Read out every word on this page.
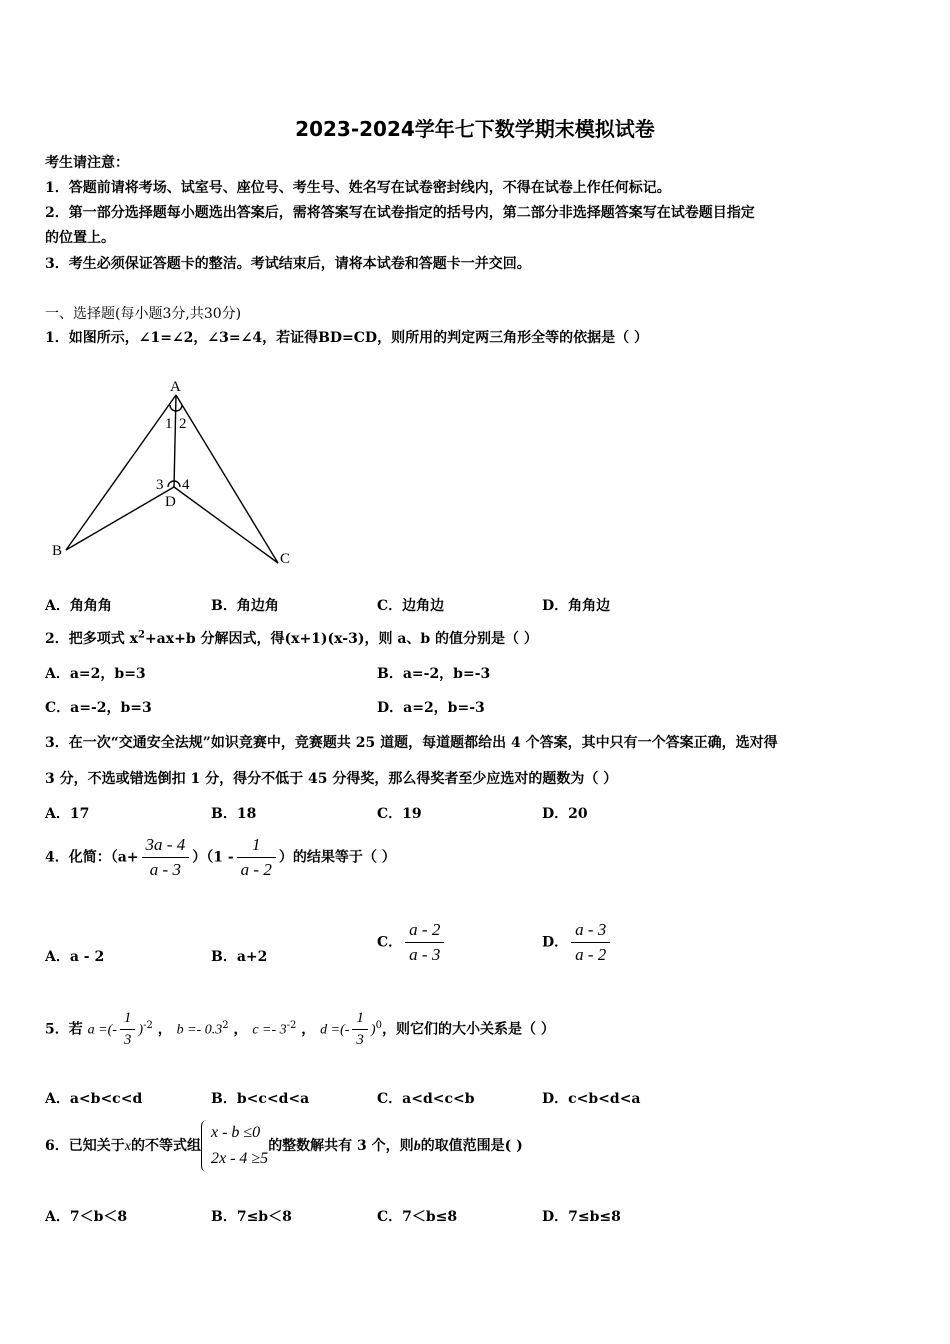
2023-2024学年七下数学期末模拟试卷
考生请注意：
1．答题前请将考场、试室号、座位号、考生号、姓名写在试卷密封线内，不得在试卷上作任何标记。
2．第一部分选择题每小题选出答案后，需将答案写在试卷指定的括号内，第二部分非选择题答案写在试卷题目指定
的位置上。
3．考生必须保证答题卡的整洁。考试结束后，请将本试卷和答题卡一并交回。
一、选择题(每小题3分,共30分)
1．如图所示，∠1=∠2，∠3=∠4，若证得BD=CD，则所用的判定两三角形全等的依据是（ ）
A
B	C
D
1 2
3 4
A．角角角	B．角边角	C．边角边	D．角角边
2．把多项式 $x^2+ax+b$ 分解因式，得(x+1)(x-3)，则 a、b 的值分别是（ ）
A．a=2，b=3	B．a=-2，b=-3
C．a=-2，b=3	D．a=2，b=-3
3．在一次“交通安全法规”如识竞赛中，竞赛题共 25 道题，每道题都给出 4 个答案，其中只有一个答案正确，选对得
3 分，不选或错选倒扣 1 分，得分不低于 45 分得奖，那么得奖者至少应选对的题数为（ ）
A．17	B．18	C．19	D．20
4．化简：$(a+ \frac{3a - 4}{a - 3} )(1 - \frac{1}{a - 2}$ ）的结果等于（ ）
A．a - 2	B．a+2
C． $\frac{a - 2}{a - 3}$	D． $\frac{a - 3}{a - 2}$
5．若 a =(- $\frac{1}{3} )^{-2}$ ， $b =- 0.3^2$ ， $c =- 3^{-2}$ ， d =(- $\frac{1}{3} )^0$，则它们的大小关系是（ ）
A．a<b<c<d	B．b<c<d<a	C．a<d<c<b	D．c<b<d<a
6．已知关于x的不等式组
x - b ≤0
2x - 4 ≥5
的整数解共有 3 个，则b的取值范围是( )
A．7＜b＜8	B．7≤b＜8	C．7＜b≤8	D．7≤b≤8
